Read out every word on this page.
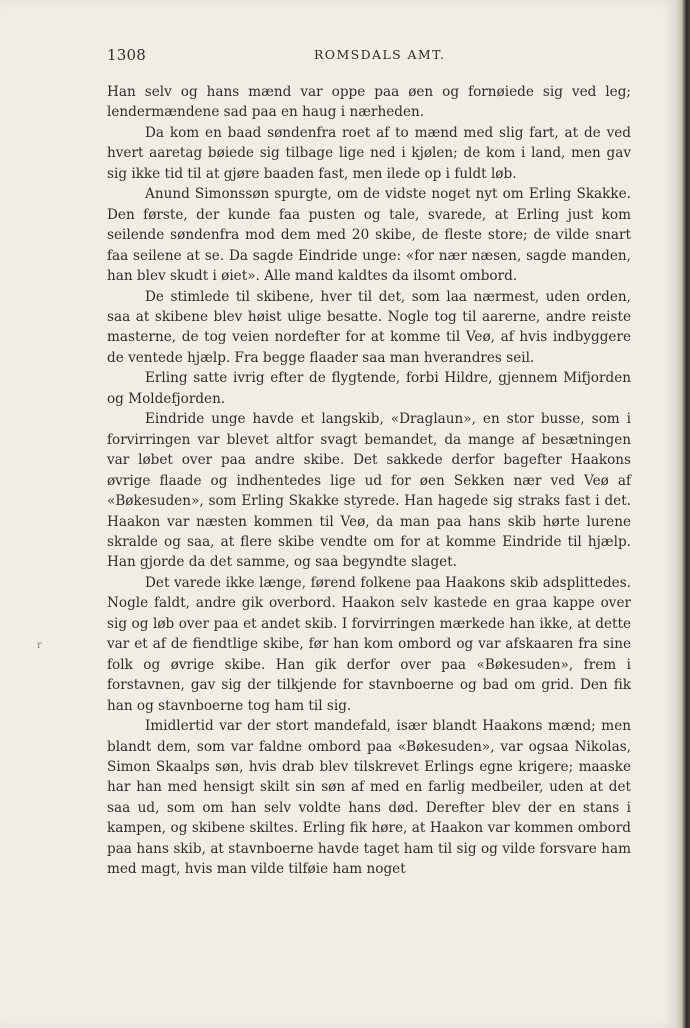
1308	ROMSDALS AMT.
r

Han selv og hans mænd var oppe paa øen og fornøiede sig ved leg; lendermændene sad paa en haug i nærheden.

Da kom en baad søndenfra roet af to mænd med slig fart, at de ved hvert aaretag bøiede sig tilbage lige ned i kjølen; de kom i land, men gav sig ikke tid til at gjøre baaden fast, men ilede op i fuldt løb.

Anund Simonssøn spurgte, om de vidste noget nyt om Erling Skakke. Den første, der kunde faa pusten og tale, svarede, at Erling just kom seilende søndenfra mod dem med 20 skibe, de fleste store; de vilde snart faa seilene at se. Da sagde Eindride unge: «for nær næsen, sagde manden, han blev skudt i øiet». Alle mand kaldtes da ilsomt ombord.

De stimlede til skibene, hver til det, som laa nærmest, uden orden, saa at skibene blev høist ulige besatte. Nogle tog til aarerne, andre reiste masterne, de tog veien nordefter for at komme til Veø, af hvis indbyggere de ventede hjælp. Fra begge flaader saa man hverandres seil.

Erling satte ivrig efter de flygtende, forbi Hildre, gjennem Mifjorden og Moldefjorden.

Eindride unge havde et langskib, «Draglaun», en stor busse, som i forvirringen var blevet altfor svagt bemandet, da mange af besætningen var løbet over paa andre skibe. Det sakkede derfor bagefter Haakons øvrige flaade og indhentedes lige ud for øen Sekken nær ved Veø af «Bøkesuden», som Erling Skakke styrede. Han hagede sig straks fast i det. Haakon var næsten kommen til Veø, da man paa hans skib hørte lurene skralde og saa, at flere skibe vendte om for at komme Eindride til hjælp. Han gjorde da det samme, og saa begyndte slaget.

Det varede ikke længe, førend folkene paa Haakons skib adsplittedes. Nogle faldt, andre gik overbord. Haakon selv kastede en graa kappe over sig og løb over paa et andet skib. I forvirringen mærkede han ikke, at dette var et af de fiendtlige skibe, før han kom ombord og var afskaaren fra sine folk og øvrige skibe. Han gik derfor over paa «Bøkesuden», frem i forstavnen, gav sig der tilkjende for stavnboerne og bad om grid. Den fik han og stavnboerne tog ham til sig.

Imidlertid var der stort mandefald, især blandt Haakons mænd; men blandt dem, som var faldne ombord paa «Bøkesuden», var ogsaa Nikolas, Simon Skaalps søn, hvis drab blev tilskrevet Erlings egne krigere; maaske har han med hensigt skilt sin søn af med en farlig medbeiler, uden at det saa ud, som om han selv voldte hans død. Derefter blev der en stans i kampen, og skibene skiltes. Erling fik høre, at Haakon var kommen ombord paa hans skib, at stavnboerne havde taget ham til sig og vilde forsvare ham med magt, hvis man vilde tilføie ham noget
